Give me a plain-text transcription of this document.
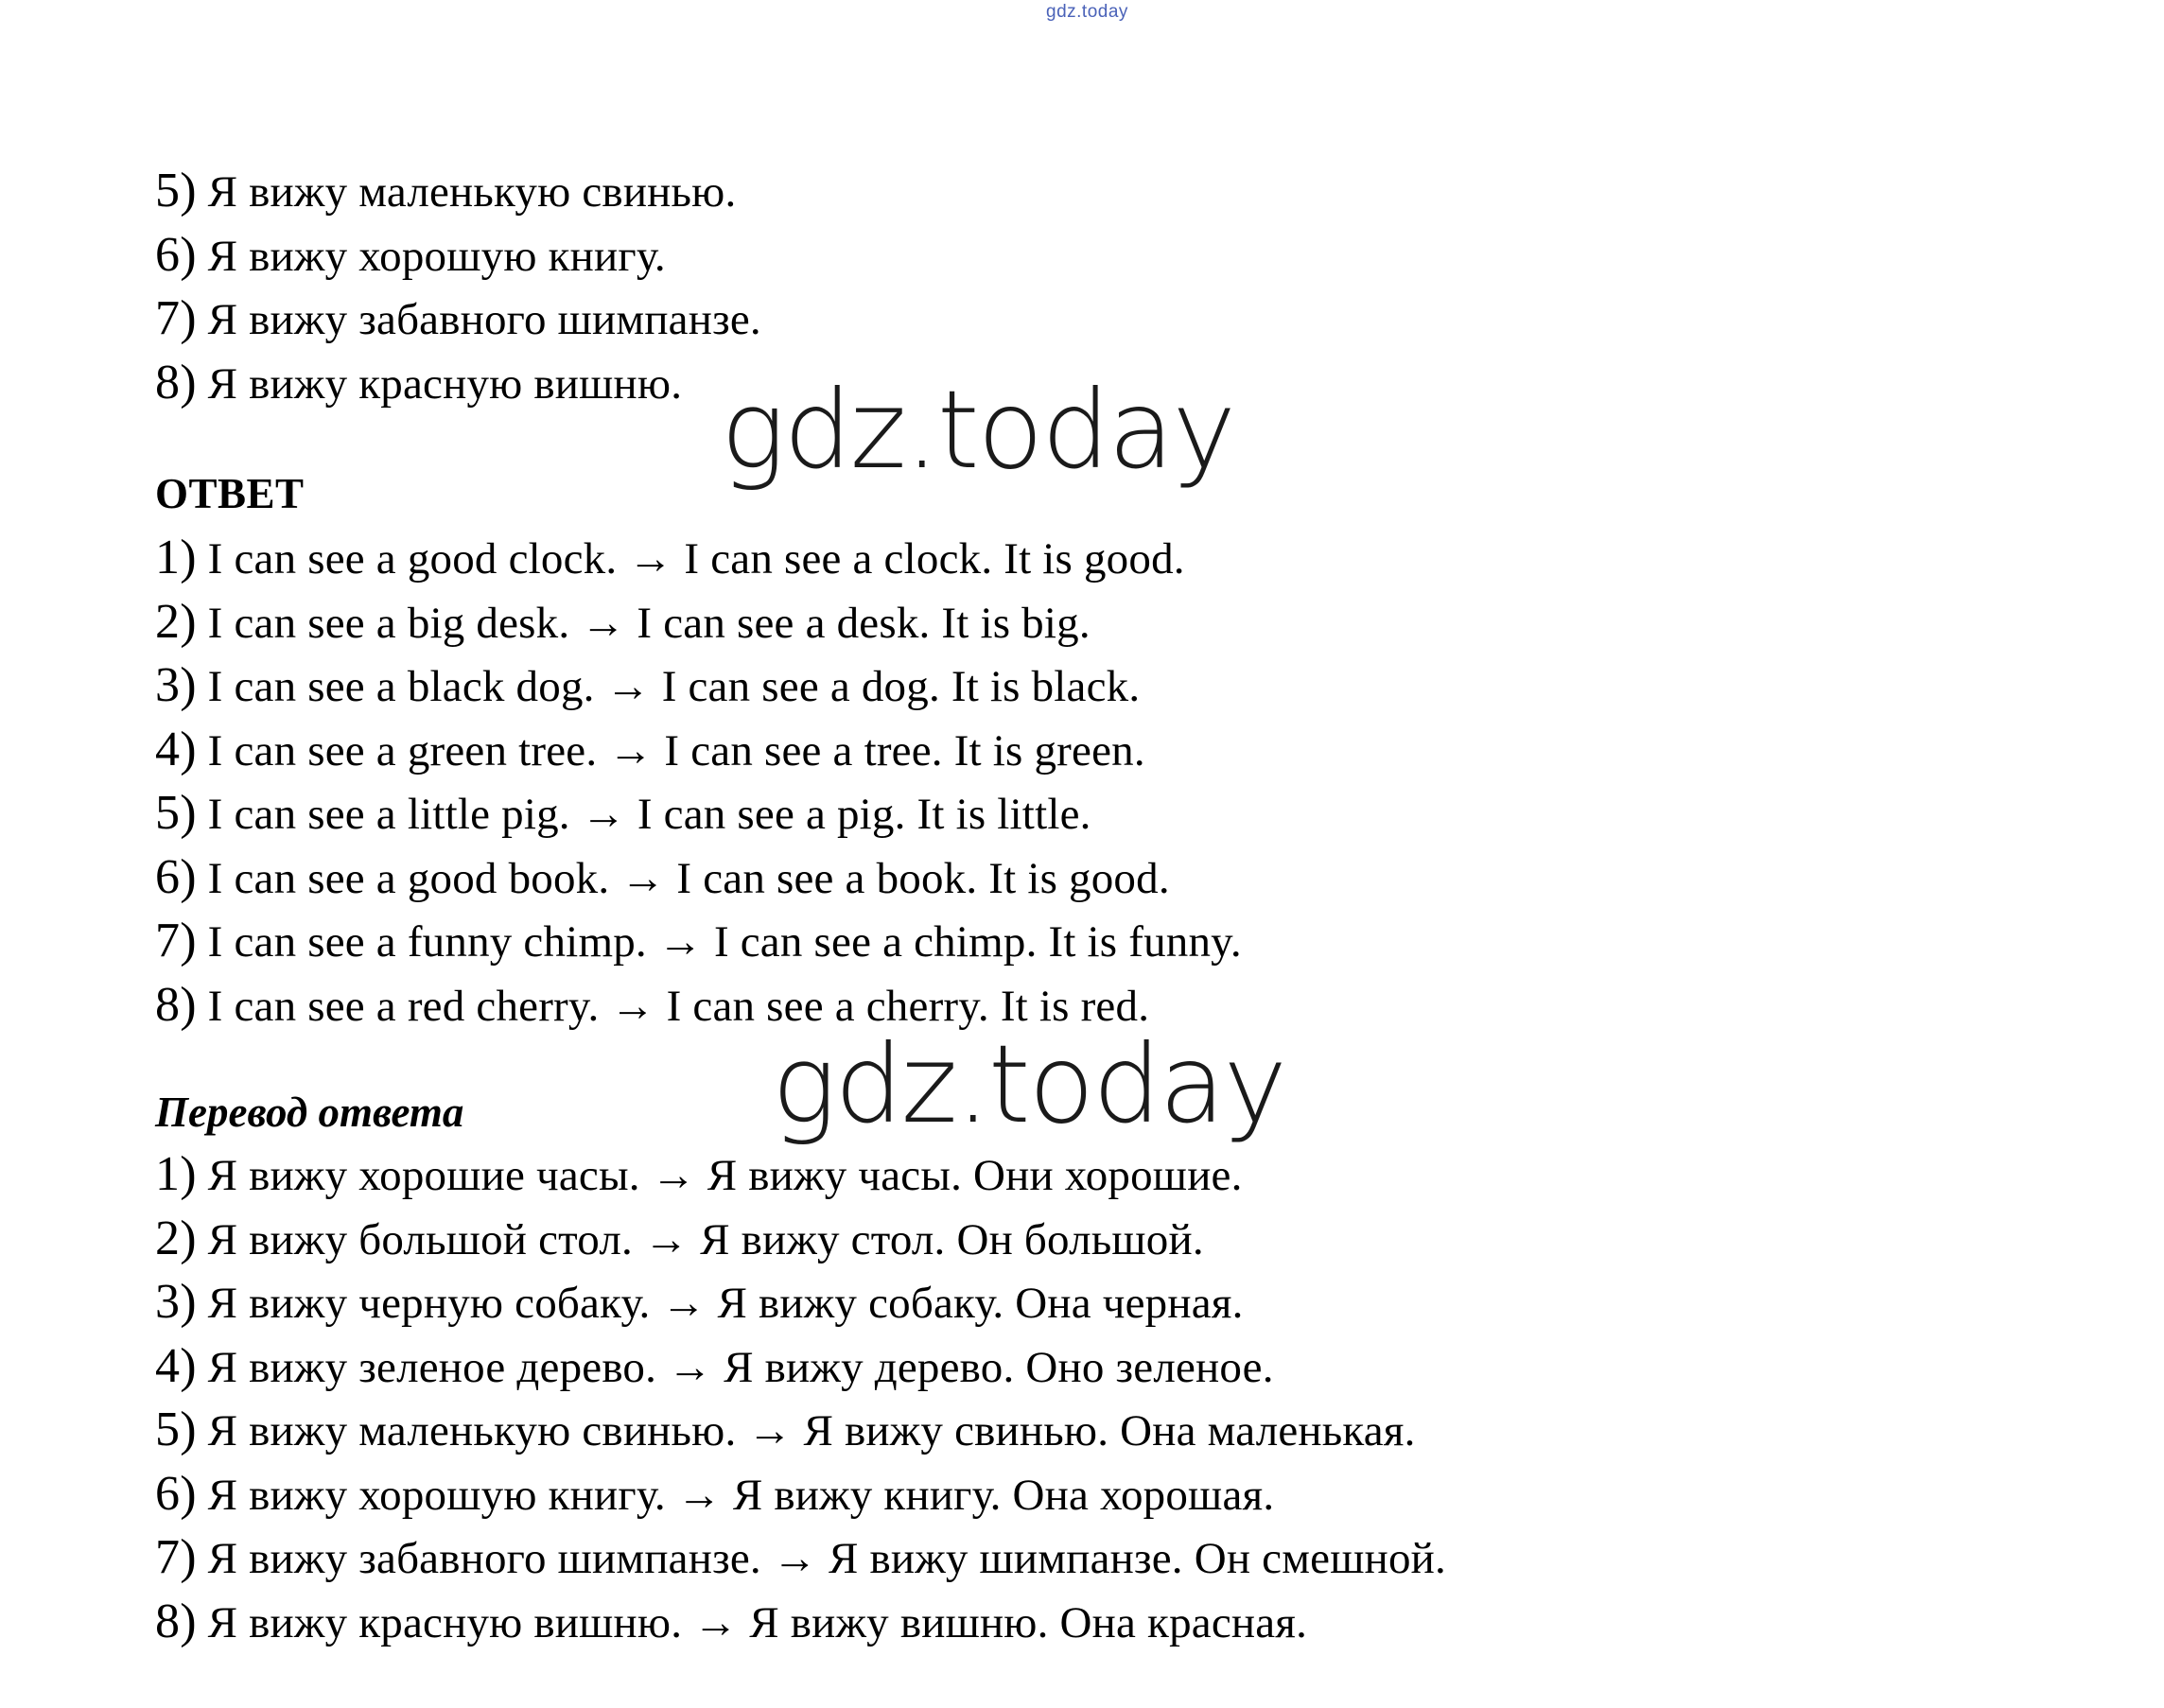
gdz.today
5) Я вижу маленькую свинью.
6) Я вижу хорошую книгу.
7) Я вижу забавного шимпанзе.
8) Я вижу красную вишню. gdz.today
ОТВЕТ
1) I can see a good clock. → I can see a clock. It is good.
2) I can see a big desk. → I can see a desk. It is big.
3) I can see a black dog. → I can see a dog. It is black.
4) I can see a green tree. → I can see a tree. It is green.
5) I can see a little pig. → I can see a pig. It is little.
6) I can see a good book. → I can see a book. It is good.
7) I can see a funny chimp. → I can see a chimp. It is funny.
8) I can see a red cherry. → I can see a cherry. It is red.
gdz.today
Перевод ответа
1) Я вижу хорошие часы. → Я вижу часы. Они хорошие.
2) Я вижу большой стол. → Я вижу стол. Он большой.
3) Я вижу черную собаку. → Я вижу собаку. Она черная.
4) Я вижу зеленое дерево. → Я вижу дерево. Оно зеленое.
5) Я вижу маленькую свинью. → Я вижу свинью. Она маленькая.
6) Я вижу хорошую книгу. → Я вижу книгу. Она хорошая.
7) Я вижу забавного шимпанзе. → Я вижу шимпанзе. Он смешной.
8) Я вижу красную вишню. → Я вижу вишню. Она красная.
